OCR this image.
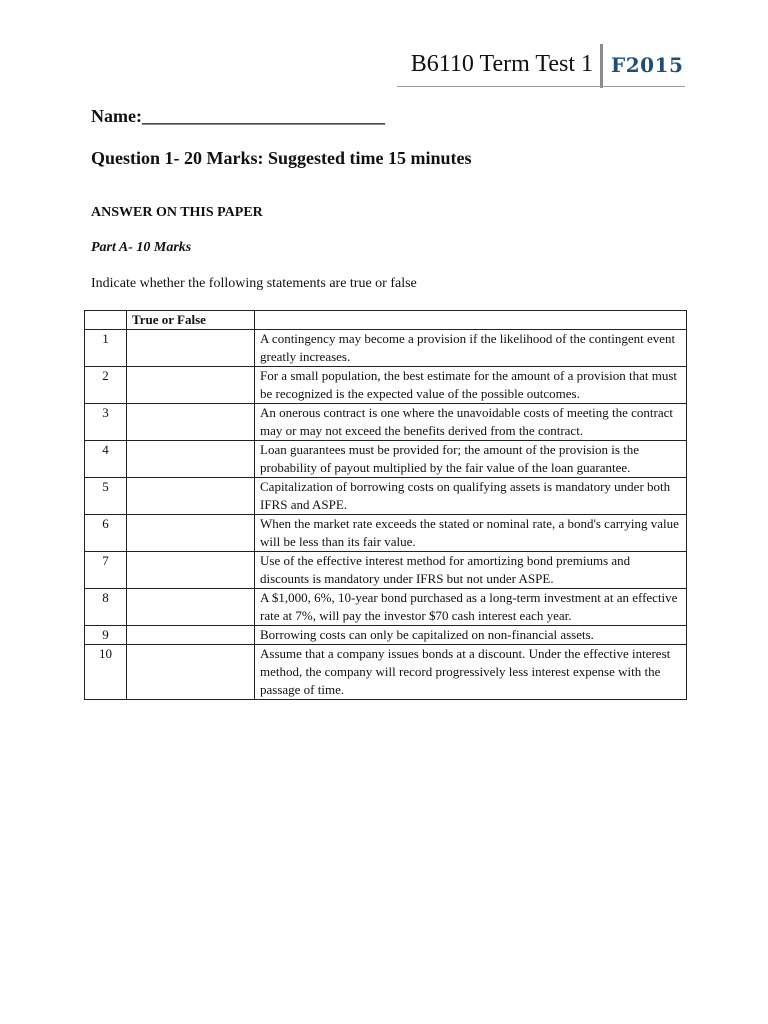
B6110 Term Test 1 F2015
Name:___________________________
Question 1- 20 Marks: Suggested time 15 minutes
ANSWER ON THIS PAPER
Part A- 10 Marks
Indicate whether the following statements are true or false
	True or False	
1		A contingency may become a provision if the likelihood of the contingent event greatly increases.
2		For a small population, the best estimate for the amount of a provision that must be recognized is the expected value of the possible outcomes.
3		An onerous contract is one where the unavoidable costs of meeting the contract may or may not exceed the benefits derived from the contract.
4		Loan guarantees must be provided for; the amount of the provision is the probability of payout multiplied by the fair value of the loan guarantee.
5		Capitalization of borrowing costs on qualifying assets is mandatory under both IFRS and ASPE.
6		When the market rate exceeds the stated or nominal rate, a bond's carrying value will be less than its fair value.
7		Use of the effective interest method for amortizing bond premiums and discounts is mandatory under IFRS but not under ASPE.
8		A $1,000, 6%, 10-year bond purchased as a long-term investment at an effective rate at 7%, will pay the investor $70 cash interest each year.
9		Borrowing costs can only be capitalized on non-financial assets.
10		Assume that a company issues bonds at a discount. Under the effective interest method, the company will record progressively less interest expense with the passage of time.
